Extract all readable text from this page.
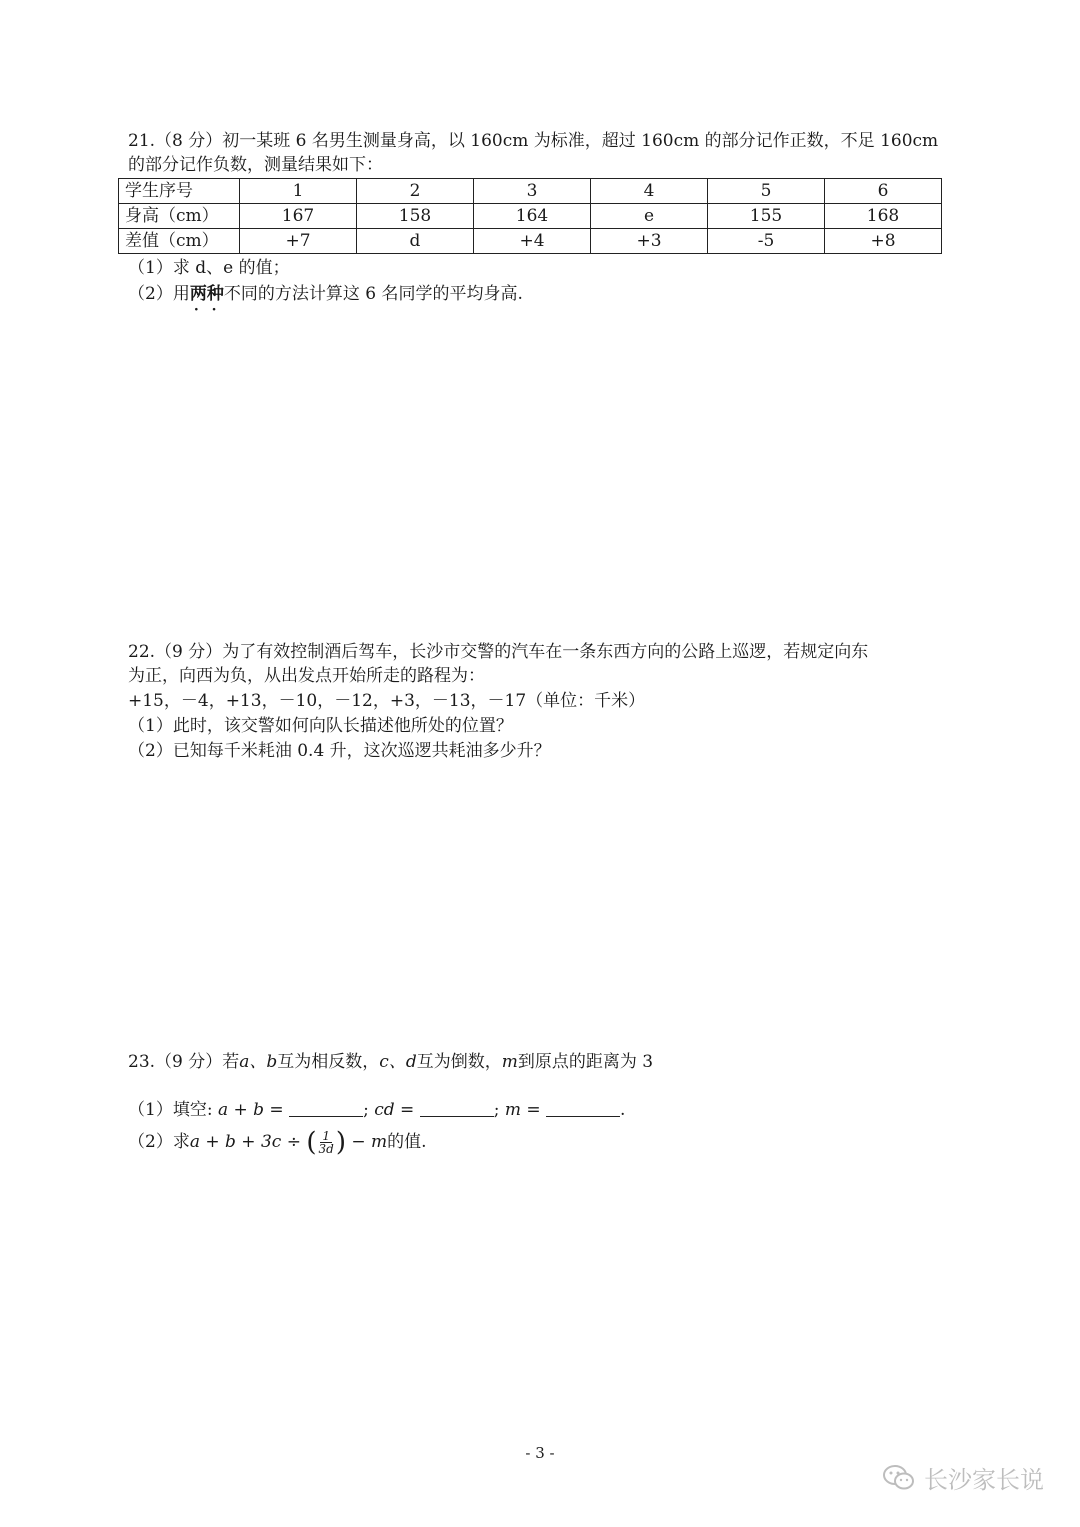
21.（8 分）初一某班 6 名男生测量身高，以 160cm 为标准，超过 160cm 的部分记作正数，不足 160cm
的部分记作负数，测量结果如下：
学生序号	1	2	3	4	5	6
身高（cm）	167	158	164	e	155	168
差值（cm）	+7	d	+4	+3	-5	+8
（1）求 d、e 的值；
（2）用两种 · ·不同的方法计算这 6 名同学的平均身高.
22.（9 分）为了有效控制酒后驾车，长沙市交警的汽车在一条东西方向的公路上巡逻，若规定向东
为正，向西为负，从出发点开始所走的路程为：
+15，－4，+13，－10，－12，+3，－13，－17（单位：千米）
（1）此时，该交警如何向队长描述他所处的位置？
（2）已知每千米耗油 0.4 升，这次巡逻共耗油多少升？
23.（9 分）若a、b互为相反数，c、d互为倒数，m到原点的距离为 3
（1）填空: a + b =	; cd =	; m =	.
（2）求a + b + 3c ÷ ( $\frac{1}{3d}$ ) − m的值.
- 3 -
长沙家长说
